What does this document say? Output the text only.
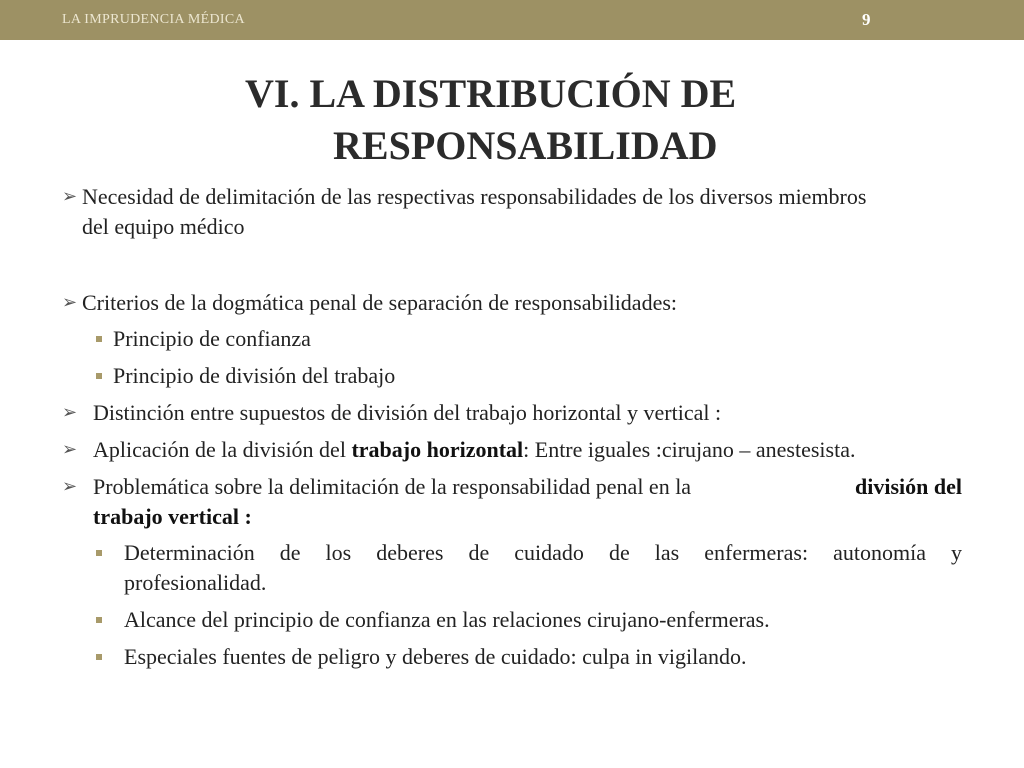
LA IMPRUDENCIA MÉDICA	9
VI. LA DISTRIBUCIÓN DE
RESPONSABILIDAD
➢ Necesidad de delimitación de las respectivas responsabilidades de los diversos miembros
del equipo médico
➢ Criterios de la dogmática penal de separación de responsabilidades:
Principio de confianza
Principio de división del trabajo
➢ Distinción entre supuestos de división del trabajo horizontal y vertical :
➢ Aplicación de la división del trabajo horizontal: Entre iguales :cirujano – anestesista.
➢ Problemática sobre la delimitación de la responsabilidad penal en la	división del
trabajo vertical :
Determinación de los deberes de cuidado de las enfermeras: autonomía y
profesionalidad.
Alcance del principio de confianza en las relaciones cirujano-enfermeras.
Especiales fuentes de peligro y deberes de cuidado: culpa in vigilando.
